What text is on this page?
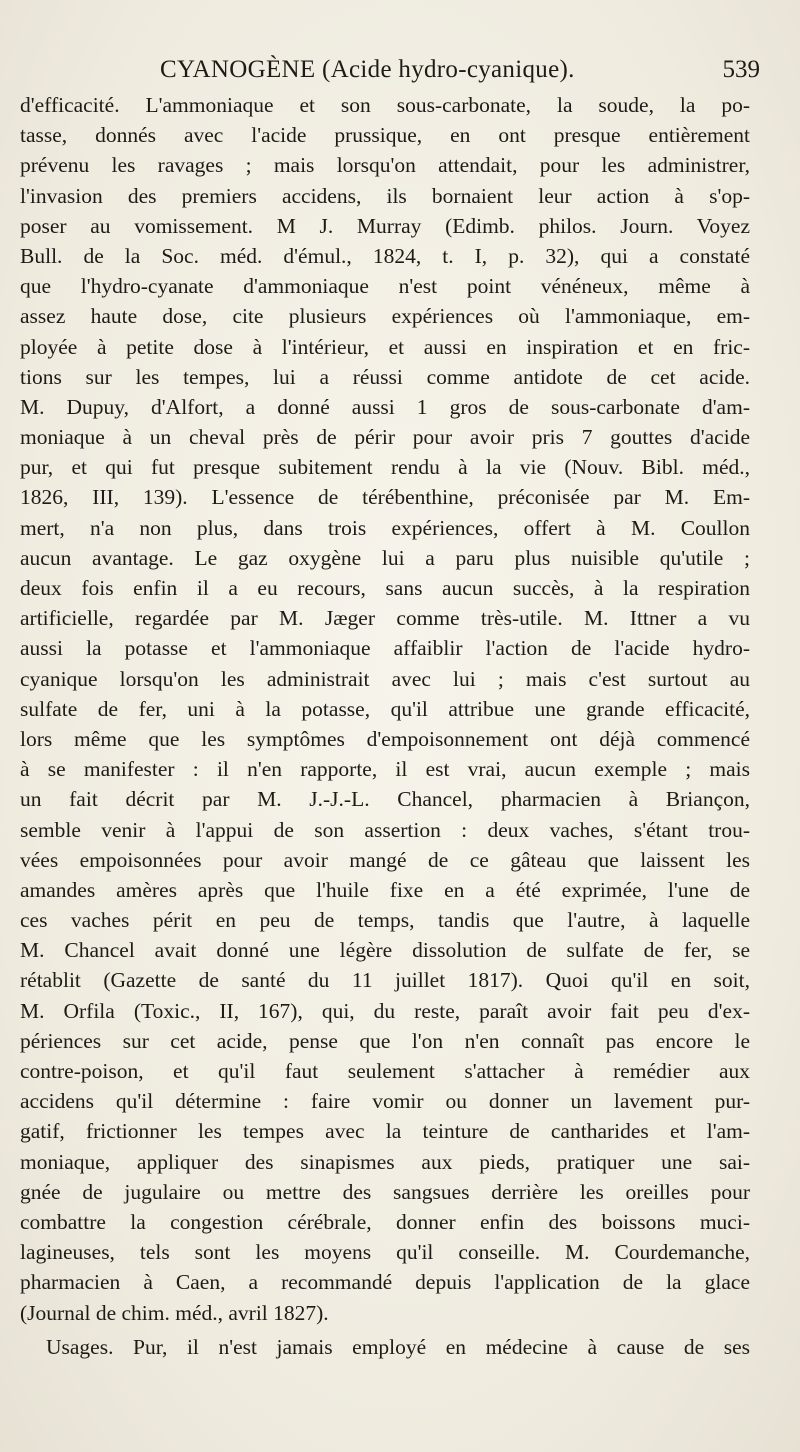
CYANOGÈNE (Acide hydro-cyanique).	539
d'efficacité. L'ammoniaque et son sous-carbonate, la soude, la po-
tasse, donnés avec l'acide prussique, en ont presque entièrement
prévenu les ravages ; mais lorsqu'on attendait, pour les administrer,
l'invasion des premiers accidens, ils bornaient leur action à s'op-
poser au vomissement. M J. Murray (Edimb. philos. Journ. Voyez
Bull. de la Soc. méd. d'émul., 1824, t. I, p. 32), qui a constaté
que l'hydro-cyanate d'ammoniaque n'est point vénéneux, même à
assez haute dose, cite plusieurs expériences où l'ammoniaque, em-
ployée à petite dose à l'intérieur, et aussi en inspiration et en fric-
tions sur les tempes, lui a réussi comme antidote de cet acide.
M. Dupuy, d'Alfort, a donné aussi 1 gros de sous-carbonate d'am-
moniaque à un cheval près de périr pour avoir pris 7 gouttes d'acide
pur, et qui fut presque subitement rendu à la vie (Nouv. Bibl. méd.,
1826, III, 139). L'essence de térébenthine, préconisée par M. Em-
mert, n'a non plus, dans trois expériences, offert à M. Coullon
aucun avantage. Le gaz oxygène lui a paru plus nuisible qu'utile ;
deux fois enfin il a eu recours, sans aucun succès, à la respiration
artificielle, regardée par M. Jæger comme très-utile. M. Ittner a vu
aussi la potasse et l'ammoniaque affaiblir l'action de l'acide hydro-
cyanique lorsqu'on les administrait avec lui ; mais c'est surtout au
sulfate de fer, uni à la potasse, qu'il attribue une grande efficacité,
lors même que les symptômes d'empoisonnement ont déjà commencé
à se manifester : il n'en rapporte, il est vrai, aucun exemple ; mais
un fait décrit par M. J.-J.-L. Chancel, pharmacien à Briançon,
semble venir à l'appui de son assertion : deux vaches, s'étant trou-
vées empoisonnées pour avoir mangé de ce gâteau que laissent les
amandes amères après que l'huile fixe en a été exprimée, l'une de
ces vaches périt en peu de temps, tandis que l'autre, à laquelle
M. Chancel avait donné une légère dissolution de sulfate de fer, se
rétablit (Gazette de santé du 11 juillet 1817). Quoi qu'il en soit,
M. Orfila (Toxic., II, 167), qui, du reste, paraît avoir fait peu d'ex-
périences sur cet acide, pense que l'on n'en connaît pas encore le
contre-poison, et qu'il faut seulement s'attacher à remédier aux
accidens qu'il détermine : faire vomir ou donner un lavement pur-
gatif, frictionner les tempes avec la teinture de cantharides et l'am-
moniaque, appliquer des sinapismes aux pieds, pratiquer une sai-
gnée de jugulaire ou mettre des sangsues derrière les oreilles pour
combattre la congestion cérébrale, donner enfin des boissons muci-
lagineuses, tels sont les moyens qu'il conseille. M. Courdemanche,
pharmacien à Caen, a recommandé depuis l'application de la glace
(Journal de chim. méd., avril 1827).
Usages. Pur, il n'est jamais employé en médecine à cause de ses
